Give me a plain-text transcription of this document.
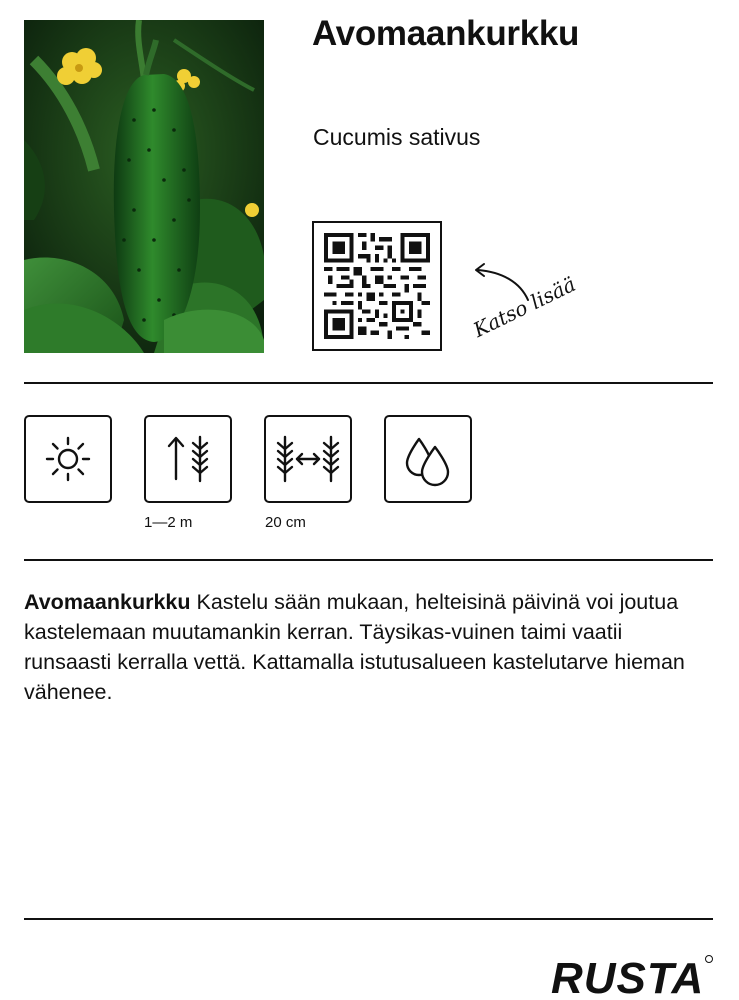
Avomaankurkku
Cucumis sativus
Katso lisää
1—2 m	20 cm
Avomaankurkku Kastelu sään mukaan, helteisinä päivinä voi joutua kastelemaan muutamankin kerran. Täysikas-vuinen taimi vaatii runsaasti kerralla vettä. Kattamalla istutusalueen kastelutarve hieman vähenee.
RUSTA
